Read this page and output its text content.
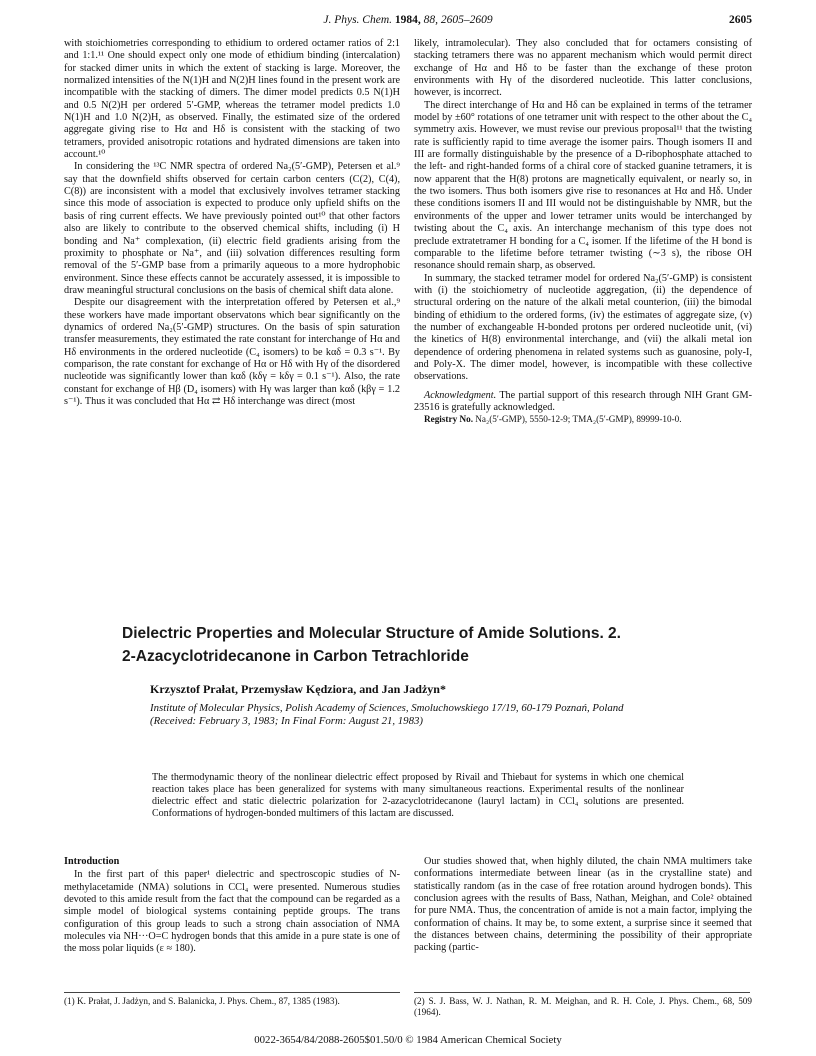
J. Phys. Chem. 1984, 88, 2605–2609	2605

with stoichiometries corresponding to ethidium to ordered octamer ratios of 2:1 and 1:1.¹¹ One should expect only one mode of ethidium binding (intercalation) for stacked dimer units in which the extent of stacking is large. Moreover, the normalized intensities of the N(1)H and N(2)H lines found in the present work are incompatible with the stacking of dimers. The dimer model predicts 0.5 N(1)H and 0.5 N(2)H per ordered 5′-GMP, whereas the tetramer model predicts 1.0 N(1)H and 1.0 N(2)H, as observed. Finally, the estimated size of the ordered aggregate giving rise to Hα and Hδ is consistent with the stacking of two tetramers, provided anisotropic rotations and hydrated dimensions are taken into account.¹⁰

In considering the ¹³C NMR spectra of ordered Na₂(5′-GMP), Petersen et al.⁹ say that the downfield shifts observed for certain carbon centers (C(2), C(4), C(8)) are inconsistent with a model that exclusively involves tetramer stacking since this mode of association is expected to produce only upfield shifts on the basis of ring current effects. We have previously pointed out¹⁰ that other factors also are likely to contribute to the observed chemical shifts, including (i) H bonding and Na⁺ complexation, (ii) electric field gradients arising from the proximity to phosphate or Na⁺, and (iii) solvation differences resulting form removal of the 5′-GMP base from a primarily aqueous to a more hydrophobic environment. Since these effects cannot be accurately assessed, it is impossible to draw meaningful structural conclusions on the basis of chemical shift data alone.

Despite our disagreement with the interpretation offered by Petersen et al.,⁹ these workers have made important observatons which bear significantly on the dynamics of ordered Na₂(5′-GMP) structures. On the basis of spin saturation transfer measurements, they estimated the rate constant for interchange of Hα and Hδ environments in the ordered nucleotide (C₄ isomers) to be kαδ = 0.3 s⁻¹. By comparison, the rate constant for exchange of Hα or Hδ with Hγ of the disordered nucleotide was significantly lower than kαδ (kδγ = kδγ = 0.1 s⁻¹). Also, the rate constant for exchange of Hβ (D₄ isomers) with Hγ was larger than kαδ (kβγ = 1.2 s⁻¹). Thus it was concluded that Hα ⇄ Hδ interchange was direct (most

likely, intramolecular). They also concluded that for octamers consisting of stacking tetramers there was no apparent mechanism which would permit direct exchange of Hα and Hδ to be faster than the exchange of these proton environments with Hγ of the disordered nucleotide. This latter conclusions, however, is incorrect.

The direct interchange of Hα and Hδ can be explained in terms of the tetramer model by ±60° rotations of one tetramer unit with respect to the other about the C₄ symmetry axis. However, we must revise our previous proposal¹¹ that the twisting rate is sufficiently rapid to time average the isomer pairs. Though isomers II and III are formally distinguishable by the presence of a D-ribophosphate attached to the left- and right-handed forms of a chiral core of stacked guanine tetramers, it is now apparent that the H(8) protons are magnetically equivalent, or nearly so, in the two isomers. Thus both isomers give rise to resonances at Hα and Hδ. Under these conditions isomers II and III would not be distinguishable by NMR, but the environments of the upper and lower tetramer units would be interchanged by twisting about the C₄ axis. An interchange mechanism of this type does not preclude extratetramer H bonding for a C₄ isomer. If the lifetime of the H bond is comparable to the lifetime before tetramer twisting (∼3 s), the ribose OH resonance should remain sharp, as observed.

In summary, the stacked tetramer model for ordered Na₂(5′-GMP) is consistent with (i) the stoichiometry of nucleotide aggregation, (ii) the dependence of structural ordering on the nature of the alkali metal counterion, (iii) the bimodal binding of ethidium to the ordered forms, (iv) the estimates of aggregate size, (v) the number of exchangeable H-bonded protons per ordered nucleotide unit, (vi) the kinetics of H(8) environmental interchange, and (vii) the alkali metal ion dependence of ordering phenomena in related systems such as guanosine, poly-I, and Poly-X. The dimer model, however, is incompatible with these collective observations.

Acknowledgment. The partial support of this research through NIH Grant GM-23516 is gratefully acknowledged.

Registry No. Na₂(5′-GMP), 5550-12-9; TMA₂(5′-GMP), 89999-10-0.

Dielectric Properties and Molecular Structure of Amide Solutions. 2.
2-Azacyclotridecanone in Carbon Tetrachloride
Krzysztof Prałat, Przemysław Kędziora, and Jan Jadżyn*
Institute of Molecular Physics, Polish Academy of Sciences, Smoluchowskiego 17/19, 60-179 Poznań, Poland
(Received: February 3, 1983; In Final Form: August 21, 1983)
The thermodynamic theory of the nonlinear dielectric effect proposed by Rivail and Thiebaut for systems in which one chemical reaction takes place has been generalized for systems with many simultaneous reactions. Experimental results of the nonlinear dielectric effect and static dielectric polarization for 2-azacyclotridecanone (lauryl lactam) in CCl₄ solutions are presented. Conformations of hydrogen-bonded multimers of this lactam are discussed.

Introduction

In the first part of this paper¹ dielectric and spectroscopic studies of N-methylacetamide (NMA) solutions in CCl₄ were presented. Numerous studies devoted to this amide result from the fact that the compound can be regarded as a simple model of biological systems containing peptide groups. The trans configuration of this group leads to such a strong chain association of NMA molecules via NH···O=C hydrogen bonds that this amide in a pure state is one of the moss polar liquids (ε ≈ 180).

Our studies showed that, when highly diluted, the chain NMA multimers take conformations intermediate between linear (as in the crystalline state) and statistically random (as in the case of free rotation around hydrogen bonds). This conclusion agrees with the results of Bass, Nathan, Meighan, and Cole² obtained for pure NMA. Thus, the concentration of amide is not a main factor, implying the conformation of chains. It may be, to some extent, a surprise since it seemed that the distances between chains, determining the possibility of their appropriate packing (partic-

(1) K. Prałat, J. Jadżyn, and S. Balanicka, J. Phys. Chem., 87, 1385 (1983).	(2) S. J. Bass, W. J. Nathan, R. M. Meighan, and R. H. Cole, J. Phys. Chem., 68, 509 (1964).
0022-3654/84/2088-2605$01.50/0 © 1984 American Chemical Society
